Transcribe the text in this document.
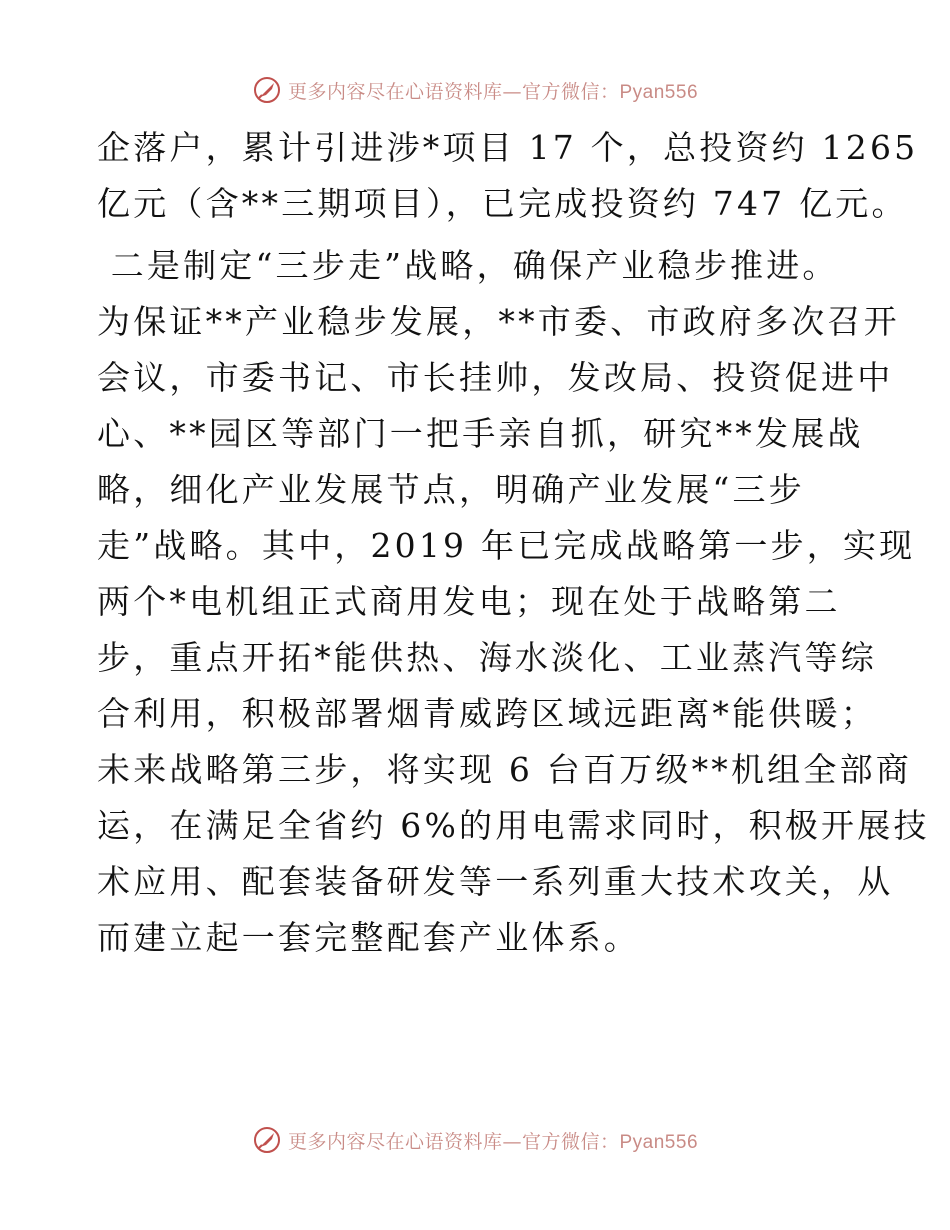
更多内容尽在心语资料库—官方微信：Pyan556
企落户，累计引进涉*项目 17 个，总投资约 1265
亿元（含**三期项目），已完成投资约 747 亿元。
二是制定“三步走”战略，确保产业稳步推进。
为保证**产业稳步发展，**市委、市政府多次召开
会议，市委书记、市长挂帅，发改局、投资促进中
心、**园区等部门一把手亲自抓，研究**发展战
略，细化产业发展节点，明确产业发展“三步
走”战略。其中，2019 年已完成战略第一步，实现
两个*电机组正式商用发电；现在处于战略第二
步，重点开拓*能供热、海水淡化、工业蒸汽等综
合利用，积极部署烟青威跨区域远距离*能供暖；
未来战略第三步，将实现 6 台百万级**机组全部商
运，在满足全省约 6%的用电需求同时，积极开展技
术应用、配套装备研发等一系列重大技术攻关，从
而建立起一套完整配套产业体系。
更多内容尽在心语资料库—官方微信：Pyan556
